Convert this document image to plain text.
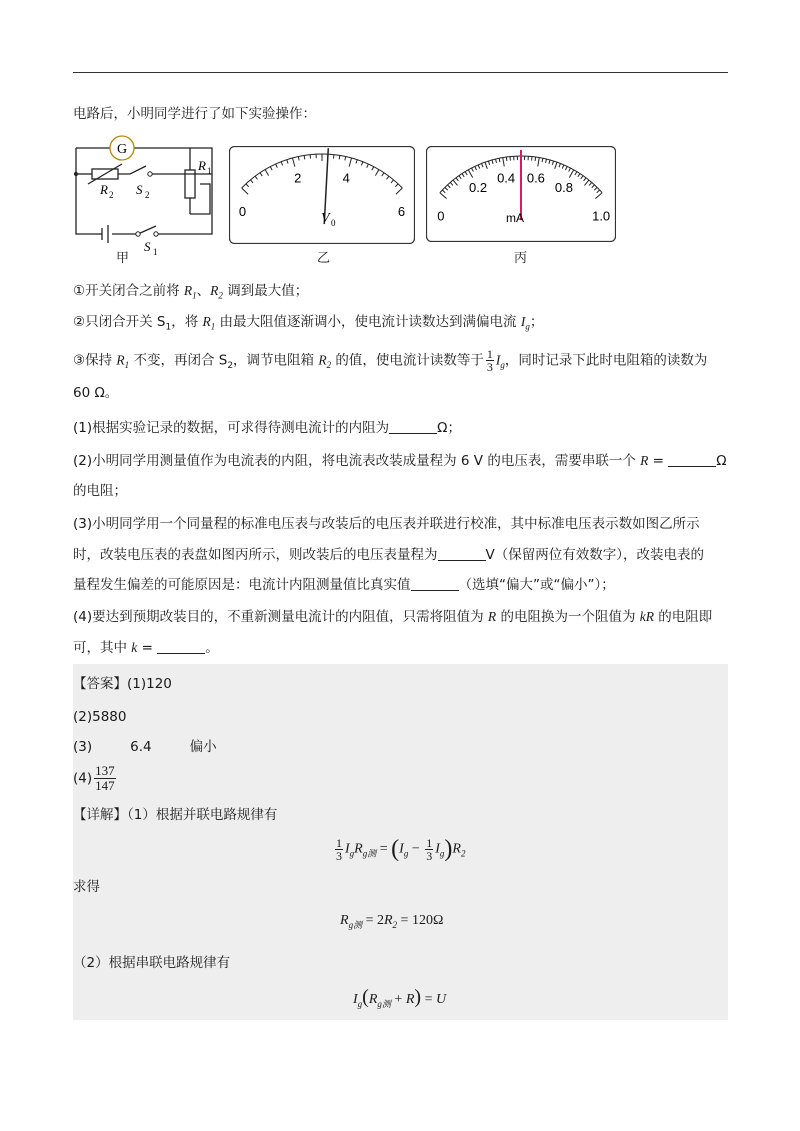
电路后，小明同学进行了如下实验操作：
G
R 2 S 2
R 1
S 1
甲
0
2	4
6
V 0
乙
0
0.2
0.4 0.6
0.8
1.0
mA
丙
①开关闭合之前将 $R_1$、$R_2$ 调到最大值；
②只闭合开关 $S_1$，将 $R_1$ 由最大阻值逐渐调小，使电流计读数达到满偏电流 $I_g$；
③保持 $R_1$ 不变，再闭合 $S_2$，调节电阻箱 $R_2$ 的值，使电流计读数等于 $\frac{1}{3} I_g$，同时记录下此时电阻箱的读数为
60 Ω。
(1)根据实验记录的数据，可求得待测电流计的内阻为	Ω；
(2)小明同学用测量值作为电流表的内阻，将电流表改装成量程为 6 V 的电压表，需要串联一个 R =	Ω
的电阻；
(3)小明同学用一个同量程的标准电压表与改装后的电压表并联进行校准，其中标准电压表示数如图乙所示
时，改装电压表的表盘如图丙所示，则改装后的电压表量程为	V（保留两位有效数字），改装电表的
量程发生偏差的可能原因是：电流计内阻测量值比真实值	（选填“偏大”或“偏小”）；
(4)要达到预期改装目的，不重新测量电流计的内阻值，只需将阻值为 R 的电阻换为一个阻值为 kR 的电阻即
可，其中 k =	。
【答案】(1)120
(2)5880
(3)	6.4	偏小
$(4) \frac{137}{147}$
【详解】（1）根据并联电路规律有
$\frac{1}{3} I_gR_{g测} = (I_g - \frac{1}{3} I_g)R_2$
求得
$R_{g测} = 2R_2 = 120\Omega$
（2）根据串联电路规律有
$I_g(R_{g测} + R) = U$
